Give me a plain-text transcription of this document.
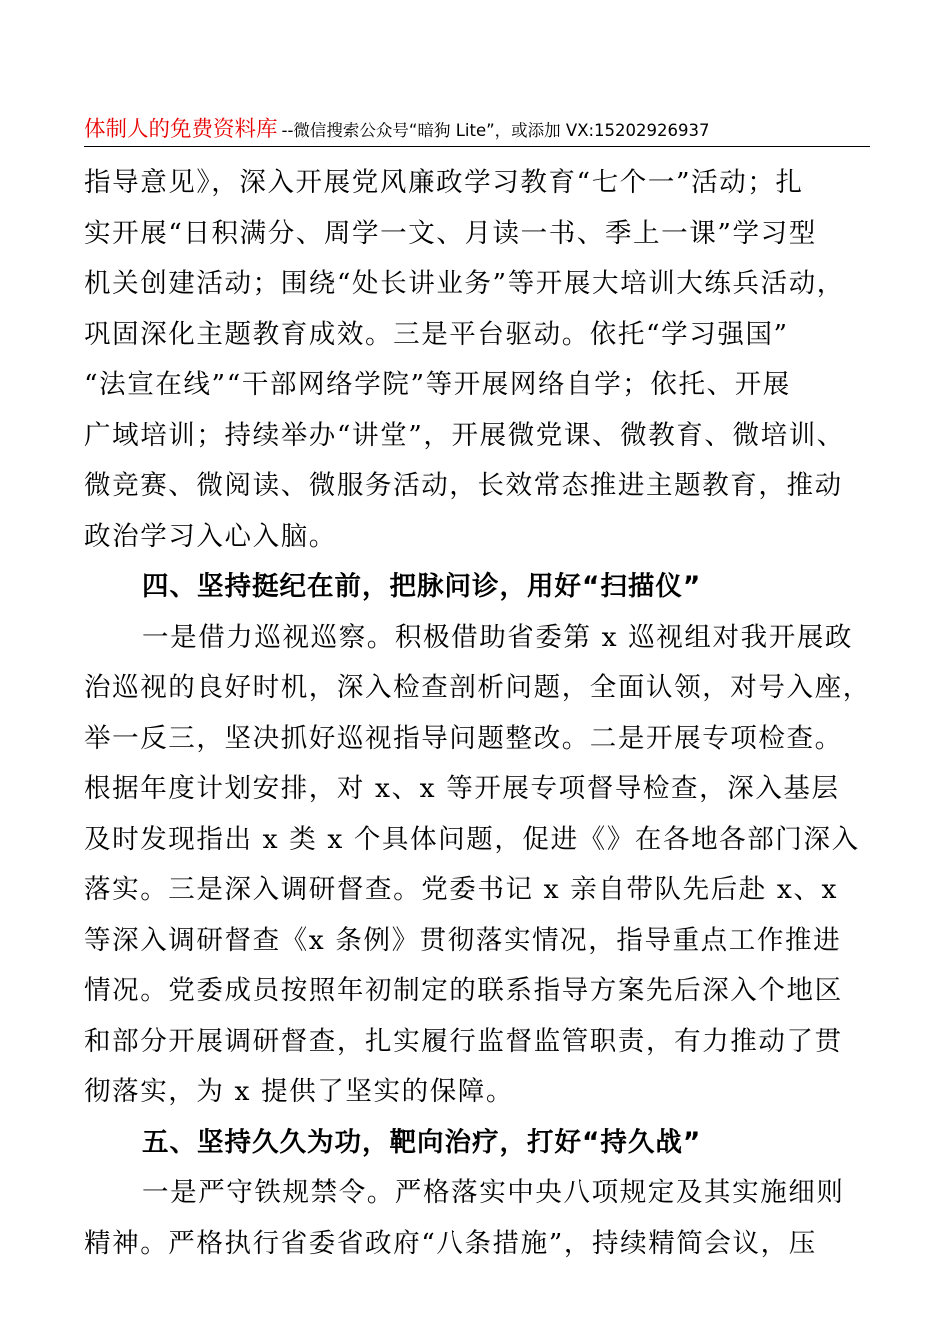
体制人的免费资料库 --微信搜索公众号“暗狗 Lite”，或添加 VX:15202926937
指导意见》，深入开展党风廉政学习教育“七个一”活动；扎
实开展“日积满分、周学一文、月读一书、季上一课”学习型
机关创建活动；围绕“处长讲业务”等开展大培训大练兵活动，
巩固深化主题教育成效。三是平台驱动。依托“学习强国”
“法宣在线”“干部网络学院”等开展网络自学；依托、开展
广域培训；持续举办“讲堂”，开展微党课、微教育、微培训、
微竞赛、微阅读、微服务活动，长效常态推进主题教育，推动
政治学习入心入脑。
四、坚持挺纪在前，把脉问诊，用好“扫描仪”
一是借力巡视巡察。积极借助省委第 x 巡视组对我开展政
治巡视的良好时机，深入检查剖析问题，全面认领，对号入座，
举一反三，坚决抓好巡视指导问题整改。二是开展专项检查。
根据年度计划安排，对 x、x 等开展专项督导检查，深入基层
及时发现指出 x 类 x 个具体问题，促进《》在各地各部门深入
落实。三是深入调研督查。党委书记 x 亲自带队先后赴 x、x
等深入调研督查《x 条例》贯彻落实情况，指导重点工作推进
情况。党委成员按照年初制定的联系指导方案先后深入个地区
和部分开展调研督查，扎实履行监督监管职责，有力推动了贯
彻落实，为 x 提供了坚实的保障。
五、坚持久久为功，靶向治疗，打好“持久战”
一是严守铁规禁令。严格落实中央八项规定及其实施细则
精神。严格执行省委省政府“八条措施”，持续精简会议，压
